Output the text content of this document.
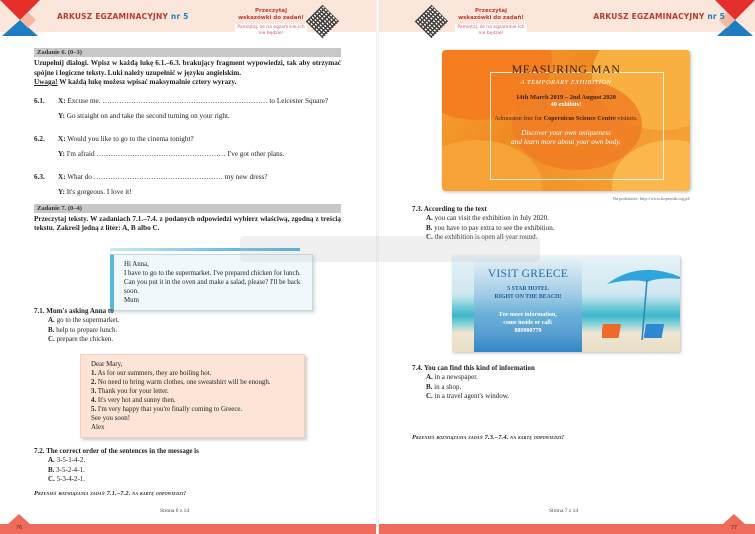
ARKUSZ EGZAMINACYJNY nr 5
Przeczytaj
wskazówki do zadań!
Pamiętaj, że na egzaminie ich nie będzie!
Zadanie 6. (0–3)
Uzupełnij dialogi. Wpisz w każdą lukę 6.1.–6.3. brakujący fragment wypowiedzi, tak aby otrzymać spójne i logiczne teksty. Luki należy uzupełnić w języku angielskim.
Uwaga! W każdą lukę możesz wpisać maksymalnie cztery wyrazy.
6.1.	X: Excuse me. …………………………………………………………… to Leicester Square?
Y: Go straight on and take the second turning on your right.
6.2.	X: Would you like to go to the cinema tonight?
Y: I'm afraid ……………………………………………… I've got other plans.
6.3.	X: What do ……………………………………………… my new dress?
Y: It's gorgeous. I love it!
Zadanie 7. (0–4)
Przeczytaj teksty. W zadaniach 7.1.–7.4. z podanych odpowiedzi wybierz właściwą, zgodną z treścią tekstu. Zakreśl jedną z liter: A, B albo C.
Hi Anna,
I have to go to the supermarket. I've prepared chicken for lunch.
Can you put it in the oven and make a salad, please? I'll be back soon.
Mum
7.1. Mum's asking Anna to
A. go to the supermarket.
B. help to prepare lunch.
C. prepare the chicken.
Dear Mary,
1. As for our summers, they are boiling hot.
2. No need to bring warm clothes, one sweatshirt will be enough.
3. Thank you for your letter.
4. It's very hot and sunny then.
5. I'm very happy that you're finally coming to Greece.
See you soon!
Alex
7.2. The correct order of the sentences in the message is
A. 3-5-1-4-2.
B. 3-5-2-4-1.
C. 5-3-4-2-1.
Przenieś rozwiązania zadań 7.1.–7.2. na kartę odpowiedzi!
Strona 6 z 14
76
Przeczytaj
wskazówki do zadań!
Pamiętaj, że na egzaminie ich nie będzie!
ARKUSZ EGZAMINACYJNY nr 5
Strona 7 z 14
77
MEASURING MAN
A TEMPORARY EXHIBITION
14th March 2019 – 2nd August 2020
40 exhibits!
Admission free for Copernicus Science Centre visitors.
Discover your own uniqueness
and learn more about your own body.
Na podstawie: http://www.kopernik.org.pl/
7.3. According to the text
A. you can visit the exhibition in July 2020.
B. you have to pay extra to see the exhibition.
C. the exhibition is open all year round.
VISIT GREECE
5 STAR HOTEL
RIGHT ON THE BEACH!
For more information,
come inside or call:
889900779
7.4. You can find this kind of information
A. in a newspaper.
B. in a shop.
C. in a travel agent's window.
Przenieś rozwiązania zadań 7.3.–7.4. na kartę odpowiedzi!
